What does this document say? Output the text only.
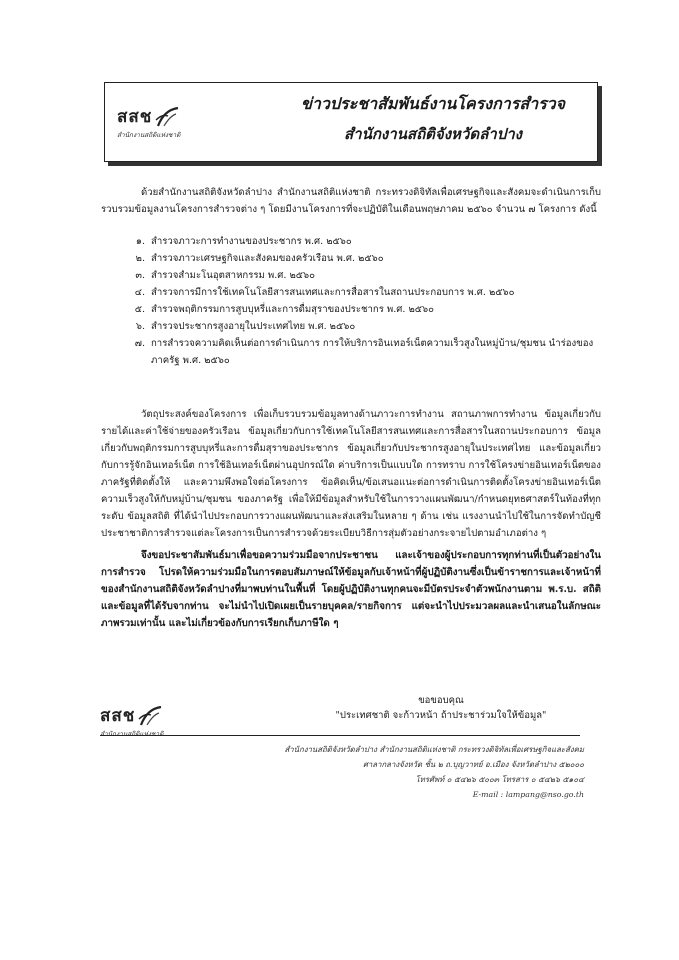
สสช
สำนักงานสถิติแห่งชาติ
ข่าวประชาสัมพันธ์งานโครงการสำรวจ
สำนักงานสถิติจังหวัดลำปาง

ด้วยสำนักงานสถิติจังหวัดลำปาง สำนักงานสถิติแห่งชาติ กระทรวงดิจิทัลเพื่อเศรษฐกิจและสังคมจะดำเนินการเก็บรวบรวมข้อมูลงานโครงการสำรวจต่าง ๆ โดยมีงานโครงการที่จะปฏิบัติในเดือนพฤษภาคม ๒๕๖๐ จำนวน ๗ โครงการ ดังนี้

๑. สำรวจภาวะการทำงานของประชากร พ.ศ. ๒๕๖๐
๒. สำรวจภาวะเศรษฐกิจและสังคมของครัวเรือน พ.ศ. ๒๕๖๐
๓. สำรวจสำมะโนอุตสาหกรรม พ.ศ. ๒๕๖๐
๔. สำรวจการมีการใช้เทคโนโลยีสารสนเทศและการสื่อสารในสถานประกอบการ พ.ศ. ๒๕๖๐
๕. สำรวจพฤติกรรมการสูบบุหรี่และการดื่มสุราของประชากร พ.ศ. ๒๕๖๐
๖. สำรวจประชากรสูงอายุในประเทศไทย พ.ศ. ๒๕๖๐
๗. การสำรวจความคิดเห็นต่อการดำเนินการ การให้บริการอินเทอร์เน็ตความเร็วสูงในหมู่บ้าน/ชุมชน นำร่องของภาครัฐ พ.ศ. ๒๕๖๐

วัตถุประสงค์ของโครงการ เพื่อเก็บรวบรวมข้อมูลทางด้านภาวะการทำงาน สถานภาพการทำงาน ข้อมูลเกี่ยวกับรายได้และค่าใช้จ่ายของครัวเรือน ข้อมูลเกี่ยวกับการใช้เทคโนโลยีสารสนเทศและการสื่อสารในสถานประกอบการ ข้อมูลเกี่ยวกับพฤติกรรมการสูบบุหรี่และการดื่มสุราของประชากร ข้อมูลเกี่ยวกับประชากรสูงอายุในประเทศไทย และข้อมูลเกี่ยวกับการรู้จักอินเทอร์เน็ต การใช้อินเทอร์เน็ตผ่านอุปกรณ์ใด ค่าบริการเป็นแบบใด การทราบ การใช้โครงข่ายอินเทอร์เน็ตของภาครัฐที่ติดตั้งให้ และความพึงพอใจต่อโครงการ ข้อคิดเห็น/ข้อเสนอแนะต่อการดำเนินการติดตั้งโครงข่ายอินเทอร์เน็ตความเร็วสูงให้กับหมู่บ้าน/ชุมชน ของภาครัฐ เพื่อให้มีข้อมูลสำหรับใช้ในการวางแผนพัฒนา/กำหนดยุทธศาสตร์ในท้องที่ทุกระดับ ข้อมูลสถิติ ที่ได้นำไปประกอบการวางแผนพัฒนาและส่งเสริมในหลาย ๆ ด้าน เช่น แรงงานนำไปใช้ในการจัดทำบัญชีประชาชาติการสำรวจแต่ละโครงการเป็นการสำรวจด้วยระเบียบวิธีการสุ่มตัวอย่างกระจายไปตามอำเภอต่าง ๆ

จึงขอประชาสัมพันธ์มาเพื่อขอความร่วมมือจากประชาชน และเจ้าของผู้ประกอบการทุกท่านที่เป็นตัวอย่างในการสำรวจ โปรดให้ความร่วมมือในการตอบสัมภาษณ์ให้ข้อมูลกับเจ้าหน้าที่ผู้ปฏิบัติงานซึ่งเป็นข้าราชการและเจ้าหน้าที่ของสำนักงานสถิติจังหวัดลำปางที่มาพบท่านในพื้นที่ โดยผู้ปฏิบัติงานทุกคนจะมีบัตรประจำตัวพนักงานตาม พ.ร.บ. สถิติและข้อมูลที่ได้รับจากท่าน จะไม่นำไปเปิดเผยเป็นรายบุคคล/รายกิจการ แต่จะนำไปประมวลผลและนำเสนอในลักษณะภาพรวมเท่านั้น และไม่เกี่ยวข้องกับการเรียกเก็บภาษีใด ๆ

สสช
สำนักงานสถิติแห่งชาติ
ขอขอบคุณ
"ประเทศชาติ จะก้าวหน้า ถ้าประชาร่วมใจให้ข้อมูล"
สำนักงานสถิติจังหวัดลำปาง สำนักงานสถิติแห่งชาติ กระทรวงดิจิทัลเพื่อเศรษฐกิจและสังคม
ศาลากลางจังหวัด ชั้น ๒ ถ.บุญวาทย์ อ.เมือง จังหวัดลำปาง ๕๒๐๐๐
โทรศัพท์ ๐ ๕๔๒๖ ๕๐๐๓ โทรสาร ๐ ๕๔๒๖ ๕๑๐๔
E-mail : lampang@nso.go.th
